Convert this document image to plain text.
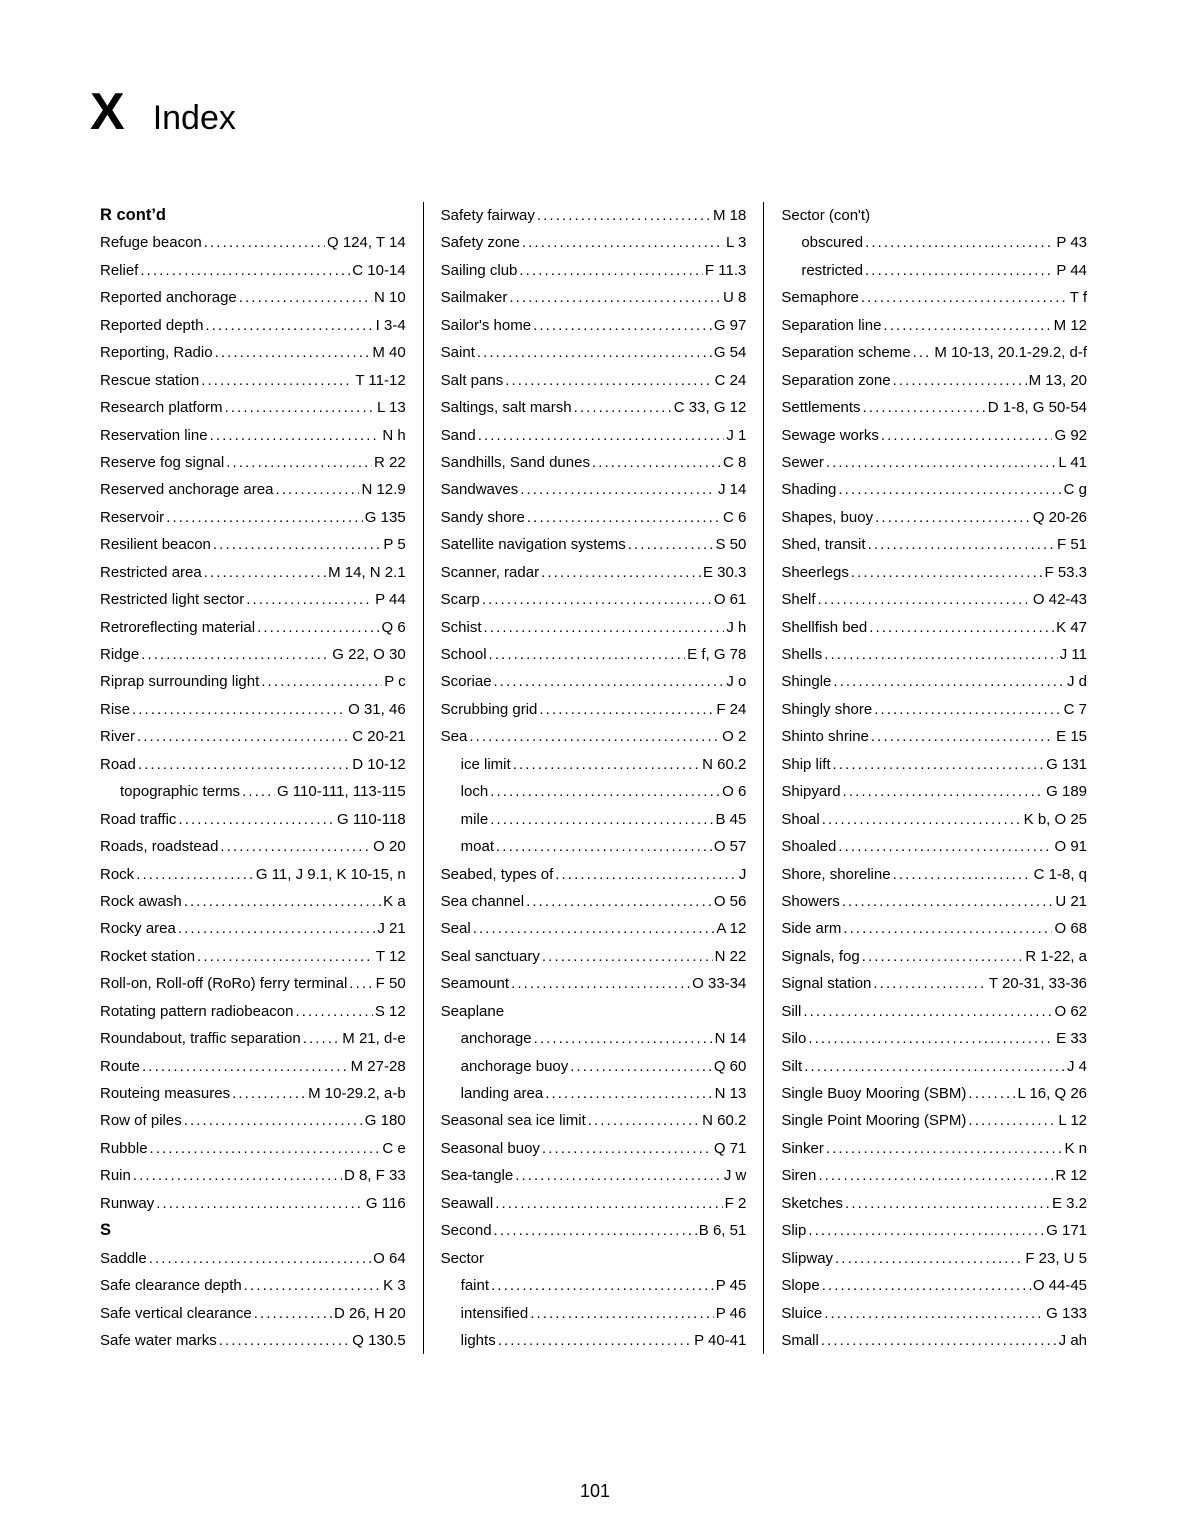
X Index
R cont’d
Refuge beacon .....	Q 124, T 14
Relief .....	C 10-14
Reported anchorage .....	N 10
Reported depth .....	I 3-4
Reporting, Radio .....	M 40
Rescue station .....	T 11-12
Research platform .....	L 13
Reservation line .....	N h
Reserve fog signal .....	R 22
Reserved anchorage area .....	N 12.9
Reservoir .....	G 135
Resilient beacon .....	P 5
Restricted area .....	M 14, N 2.1
Restricted light sector .....	P 44
Retroreflecting material .....	Q 6
Ridge .....	G 22, O 30
Riprap surrounding light .....	P c
Rise .....	O 31, 46
River .....	C 20-21
Road .....	D 10-12
topographic terms ..... G 110-111, 113-115
Road traffic .....	G 110-118
Roads, roadstead .....	O 20
Rock .....	G 11, J 9.1, K 10-15, n
Rock awash .....	K a
Rocky area .....	J 21
Rocket station .....	T 12
Roll-on, Roll-off (RoRo) ferry terminal ..... F 50
Rotating pattern radiobeacon .....	S 12
Roundabout, traffic separation .....	M 21, d-e
Route .....	M 27-28
Routeing measures .....	M 10-29.2, a-b
Row of piles .....	G 180
Rubble .....	C e
Ruin .....	D 8, F 33
Runway .....	G 116
S
Saddle .....	O 64
Safe clearance depth .....	K 3
Safe vertical clearance .....	D 26, H 20
Safe water marks .....	Q 130.5
Safety fairway .....	M 18
Safety zone .....	L 3
Sailing club .....	F 11.3
Sailmaker .....	U 8
Sailor's home .....	G 97
Saint .....	G 54
Salt pans .....	C 24
Saltings, salt marsh .....	C 33, G 12
Sand .....	J 1
Sandhills, Sand dunes .....	C 8
Sandwaves .....	J 14
Sandy shore .....	C 6
Satellite navigation systems .....	S 50
Scanner, radar .....	E 30.3
Scarp .....	O 61
Schist .....	J h
School .....	E f, G 78
Scoriae .....	J o
Scrubbing grid .....	F 24
Sea .....	O 2
ice limit .....	N 60.2
loch .....	O 6
mile .....	B 45
moat .....	O 57
Seabed, types of .....	J
Sea channel .....	O 56
Seal .....	A 12
Seal sanctuary .....	N 22
Seamount .....	O 33-34
Seaplane
anchorage .....	N 14
anchorage buoy .....	Q 60
landing area .....	N 13
Seasonal sea ice limit .....	N 60.2
Seasonal buoy .....	Q 71
Sea-tangle .....	J w
Seawall .....	F 2
Second .....	B 6, 51
Sector
faint .....	P 45
intensified .....	P 46
lights .....	P 40-41
Sector (con't)
obscured .....	P 43
restricted .....	P 44
Semaphore .....	T f
Separation line .....	M 12
Separation scheme ..... M 10-13, 20.1-29.2, d-f
Separation zone .....	M 13, 20
Settlements .....	D 1-8, G 50-54
Sewage works .....	G 92
Sewer .....	L 41
Shading .....	C g
Shapes, buoy .....	Q 20-26
Shed, transit .....	F 51
Sheerlegs .....	F 53.3
Shelf .....	O 42-43
Shellfish bed .....	K 47
Shells .....	J 11
Shingle .....	J d
Shingly shore .....	C 7
Shinto shrine .....	E 15
Ship lift .....	G 131
Shipyard .....	G 189
Shoal .....	K b, O 25
Shoaled .....	O 91
Shore, shoreline .....	C 1-8, q
Showers .....	U 21
Side arm .....	O 68
Signals, fog .....	R 1-22, a
Signal station .....	T 20-31, 33-36
Sill .....	O 62
Silo .....	E 33
Silt .....	J 4
Single Buoy Mooring (SBM) .....	L 16, Q 26
Single Point Mooring (SPM) .....	L 12
Sinker .....	K n
Siren .....	R 12
Sketches .....	E 3.2
Slip .....	G 171
Slipway .....	F 23, U 5
Slope .....	O 44-45
Sluice .....	G 133
Small .....	J ah
101
